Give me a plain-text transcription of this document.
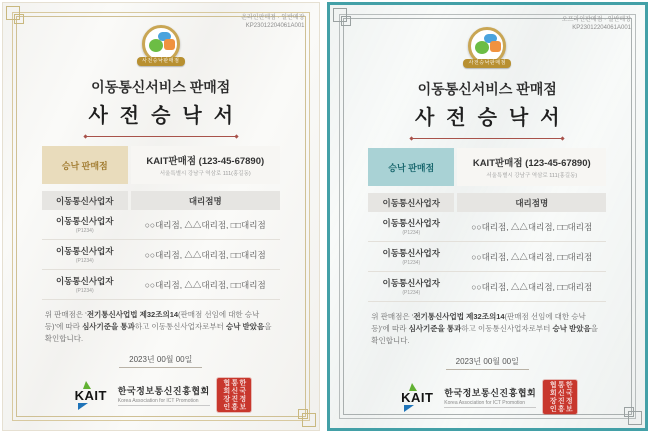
온라인판매점 · 일반매장
KP23012204061A001
사전승낙판매점
이동통신서비스 판매점
사전승낙서
승낙 판매점	KAIT판매점 (123-45-67890)
서울특별시 강남구 역삼로 111(홍길동)
이동통신사업자	대리점명
이동통신사업자
(P1234)
○○대리점, △△대리점, □□대리점
이동통신사업자
(P1234)
○○대리점, △△대리점, □□대리점
이동통신사업자
(P1234)
○○대리점, △△대리점, □□대리점
위 판매점은 ‘전기통신사업법 제32조의14(판매점 선임에 대한 승낙 등)’에 따라 심사기준을 통과하고 이동통신사업자로부터 승낙 받았음을 확인합니다.
2023년 00월 00일
KAIT	한국정보통신진흥협회
Korea Association for ICT Promotion	한국정보통신진흥협회장인
오프라인판매점 · 일반매장
KP23012204061A001
사전승낙판매점
이동통신서비스 판매점
사전승낙서
승낙 판매점	KAIT판매점 (123-45-67890)
서울특별시 강남구 역삼로 111(홍길동)
이동통신사업자	대리점명
이동통신사업자
(P1234)
○○대리점, △△대리점, □□대리점
이동통신사업자
(P1234)
○○대리점, △△대리점, □□대리점
이동통신사업자
(P1234)
○○대리점, △△대리점, □□대리점
위 판매점은 ‘전기통신사업법 제32조의14(판매점 선임에 대한 승낙 등)’에 따라 심사기준을 통과하고 이동통신사업자로부터 승낙 받았음을 확인합니다.
2023년 00월 00일
KAIT	한국정보통신진흥협회
Korea Association for ICT Promotion	한국정보통신진흥협회장인
